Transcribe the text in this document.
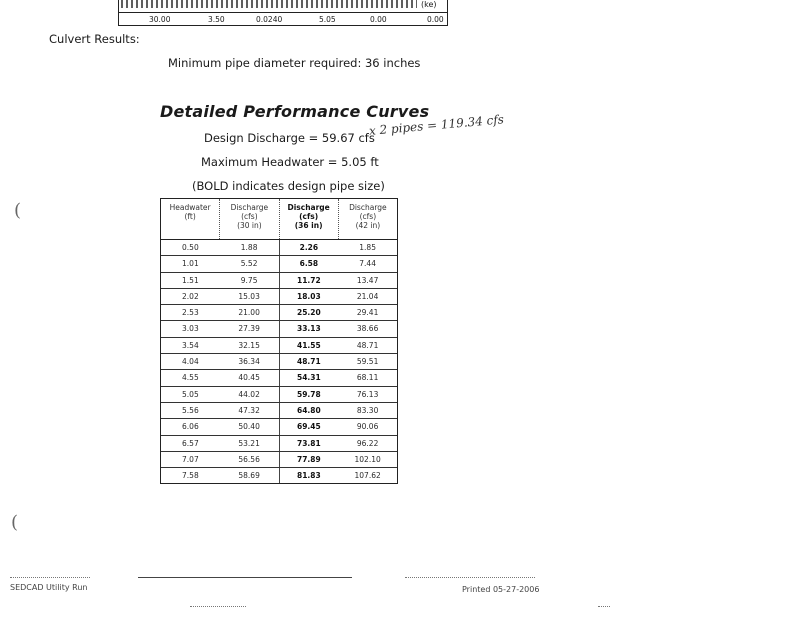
(ke)
30.00	3.50	0.0240	5.05	0.00	0.00
Culvert Results:
Minimum pipe diameter required: 36 inches
Detailed Performance Curves
Design Discharge = 59.67 cfs
x 2 pipes = 119.34 cfs
Maximum Headwater = 5.05 ft
(BOLD indicates design pipe size)
Headwater
(ft)
Discharge
(cfs)
(30 in)
Discharge
(cfs)
(36 in)
Discharge
(cfs)
(42 in)
0.50	1.88	2.26	1.85
1.01	5.52	6.58	7.44
1.51	9.75	11.72	13.47
2.02	15.03	18.03	21.04
2.53	21.00	25.20	29.41
3.03	27.39	33.13	38.66
3.54	32.15	41.55	48.71
4.04	36.34	48.71	59.51
4.55	40.45	54.31	68.11
5.05	44.02	59.78	76.13
5.56	47.32	64.80	83.30
6.06	50.40	69.45	90.06
6.57	53.21	73.81	96.22
7.07	56.56	77.89	102.10
7.58	58.69	81.83	107.62
(
(
SEDCAD Utility Run	Printed 05-27-2006
